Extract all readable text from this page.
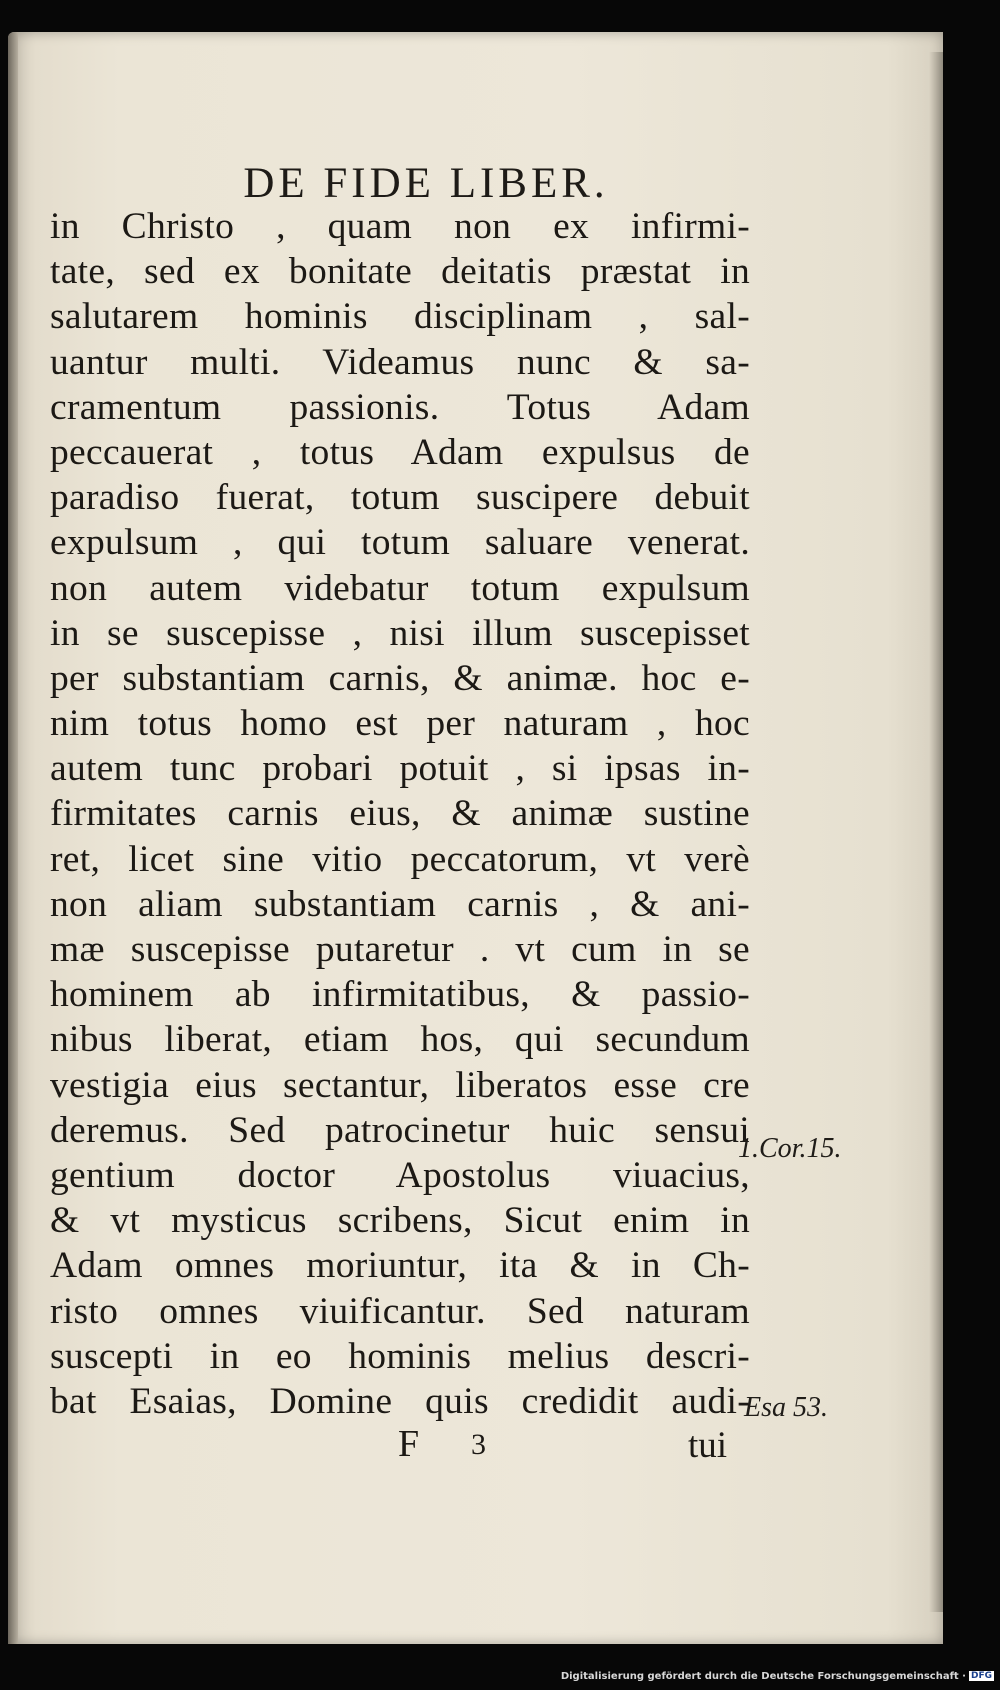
DE FIDE LIBER.
in Christo , quam non ex infirmi-
tate, sed ex bonitate deitatis præstat in
salutarem hominis disciplinam , sal-
uantur multi. Videamus nunc & sa-
cramentum passionis. Totus Adam
peccauerat , totus Adam expulsus de
paradiso fuerat, totum suscipere debuit
expulsum , qui totum saluare venerat.
non autem videbatur totum expulsum
in se suscepisse , nisi illum suscepisset
per substantiam carnis, & animæ. hoc e-
nim totus homo est per naturam , hoc
autem tunc probari potuit , si ipsas in-
firmitates carnis eius, & animæ sustine
ret, licet sine vitio peccatorum, vt verè
non aliam substantiam carnis , & ani-
mæ suscepisse putaretur . vt cum in se
hominem ab infirmitatibus, & passio-
nibus liberat, etiam hos, qui secundum
vestigia eius sectantur, liberatos esse cre
deremus. Sed patrocinetur huic sensui
gentium doctor Apostolus viuacius,
& vt mysticus scribens, Sicut enim in
Adam omnes moriuntur, ita & in Ch-
risto omnes viuificantur. Sed naturam
suscepti in eo hominis melius descri-
bat Esaias, Domine quis credidit audi-
1.Cor.15.
Esa 53.
F 3	tui
Digitalisierung gefördert durch die Deutsche Forschungsgemeinschaft · DFG
